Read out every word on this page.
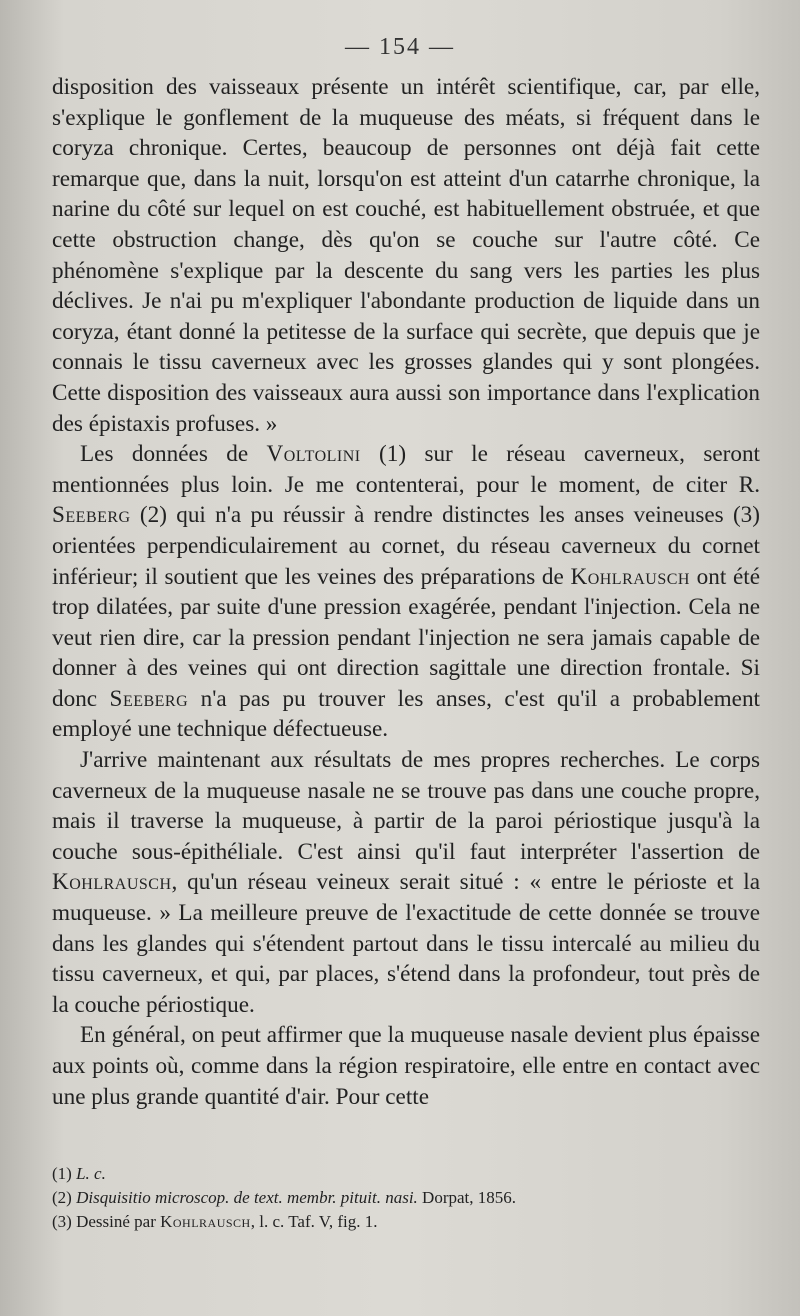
— 154 —

disposition des vaisseaux présente un intérêt scientifique, car, par elle, s'explique le gonflement de la muqueuse des méats, si fréquent dans le coryza chronique. Certes, beaucoup de personnes ont déjà fait cette remarque que, dans la nuit, lorsqu'on est atteint d'un catarrhe chronique, la narine du côté sur lequel on est couché, est habituellement obstruée, et que cette obstruction change, dès qu'on se couche sur l'autre côté. Ce phénomène s'explique par la descente du sang vers les parties les plus déclives. Je n'ai pu m'expliquer l'abondante production de liquide dans un coryza, étant donné la petitesse de la surface qui secrète, que depuis que je connais le tissu caverneux avec les grosses glandes qui y sont plongées. Cette disposition des vaisseaux aura aussi son importance dans l'explication des épistaxis profuses. »

Les données de Voltolini (1) sur le réseau caverneux, seront mentionnées plus loin. Je me contenterai, pour le moment, de citer R. Seeberg (2) qui n'a pu réussir à rendre distinctes les anses veineuses (3) orientées perpendiculairement au cornet, du réseau caverneux du cornet inférieur; il soutient que les veines des préparations de Kohlrausch ont été trop dilatées, par suite d'une pression exagérée, pendant l'injection. Cela ne veut rien dire, car la pression pendant l'injection ne sera jamais capable de donner à des veines qui ont direction sagittale une direction frontale. Si donc Seeberg n'a pas pu trouver les anses, c'est qu'il a probablement employé une technique défectueuse.

J'arrive maintenant aux résultats de mes propres recherches. Le corps caverneux de la muqueuse nasale ne se trouve pas dans une couche propre, mais il traverse la muqueuse, à partir de la paroi périostique jusqu'à la couche sous-épithéliale. C'est ainsi qu'il faut interpréter l'assertion de Kohlrausch, qu'un réseau veineux serait situé : « entre le périoste et la muqueuse. » La meilleure preuve de l'exactitude de cette donnée se trouve dans les glandes qui s'étendent partout dans le tissu intercalé au milieu du tissu caverneux, et qui, par places, s'étend dans la profondeur, tout près de la couche périostique.

En général, on peut affirmer que la muqueuse nasale devient plus épaisse aux points où, comme dans la région respiratoire, elle entre en contact avec une plus grande quantité d'air. Pour cette

(1) L. c.
(2) Disquisitio microscop. de text. membr. pituit. nasi. Dorpat, 1856.
(3) Dessiné par Kohlrausch, l. c. Taf. V, fig. 1.
